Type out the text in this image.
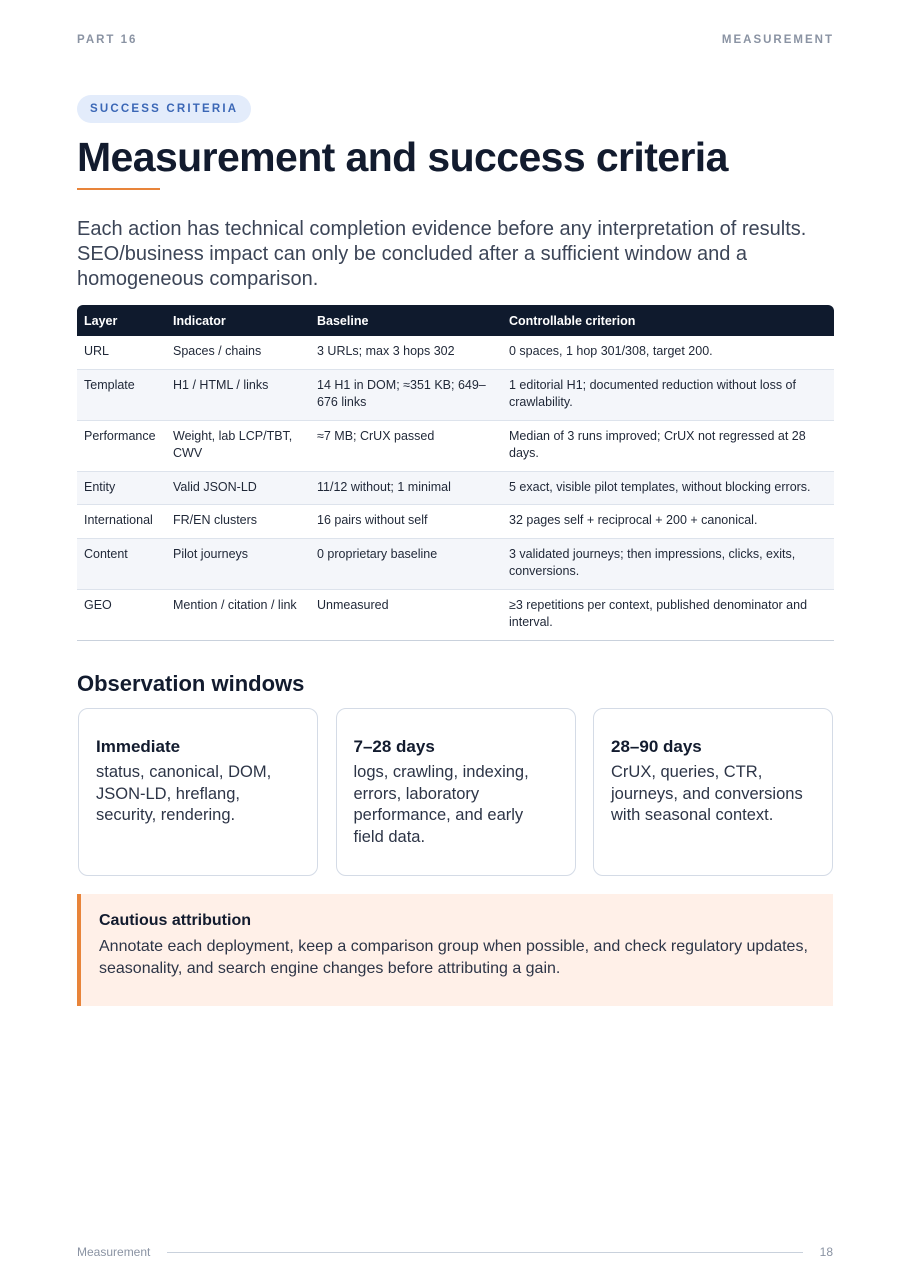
PART 16	MEASUREMENT
SUCCESS CRITERIA
Measurement and success criteria

Each action has technical completion evidence before any interpretation of results. SEO/business impact can only be concluded after a sufficient window and a homogeneous comparison.

Layer	Indicator	Baseline	Controllable criterion
URL	Spaces / chains	3 URLs; max 3 hops 302	0 spaces, 1 hop 301/308, target 200.
Template	H1 / HTML / links	14 H1 in DOM; ≈351 KB; 649–676 links	1 editorial H1; documented reduction without loss of crawlability.
Performance	Weight, lab LCP/TBT, CWV	≈7 MB; CrUX passed	Median of 3 runs improved; CrUX not regressed at 28 days.
Entity	Valid JSON-LD	11/12 without; 1 minimal	5 exact, visible pilot templates, without blocking errors.
International	FR/EN clusters	16 pairs without self	32 pages self + reciprocal + 200 + canonical.
Content	Pilot journeys	0 proprietary baseline	3 validated journeys; then impressions, clicks, exits, conversions.
GEO	Mention / citation / link	Unmeasured	≥3 repetitions per context, published denominator and interval.
Observation windows
Immediate

status, canonical, DOM, JSON-LD, hreflang, security, rendering.

7–28 days

logs, crawling, indexing, errors, laboratory performance, and early field data.

28–90 days

CrUX, queries, CTR, journeys, and conversions with seasonal context.

Cautious attribution

Annotate each deployment, keep a comparison group when possible, and check regulatory updates, seasonality, and search engine changes before attributing a gain.

Measurement	18
